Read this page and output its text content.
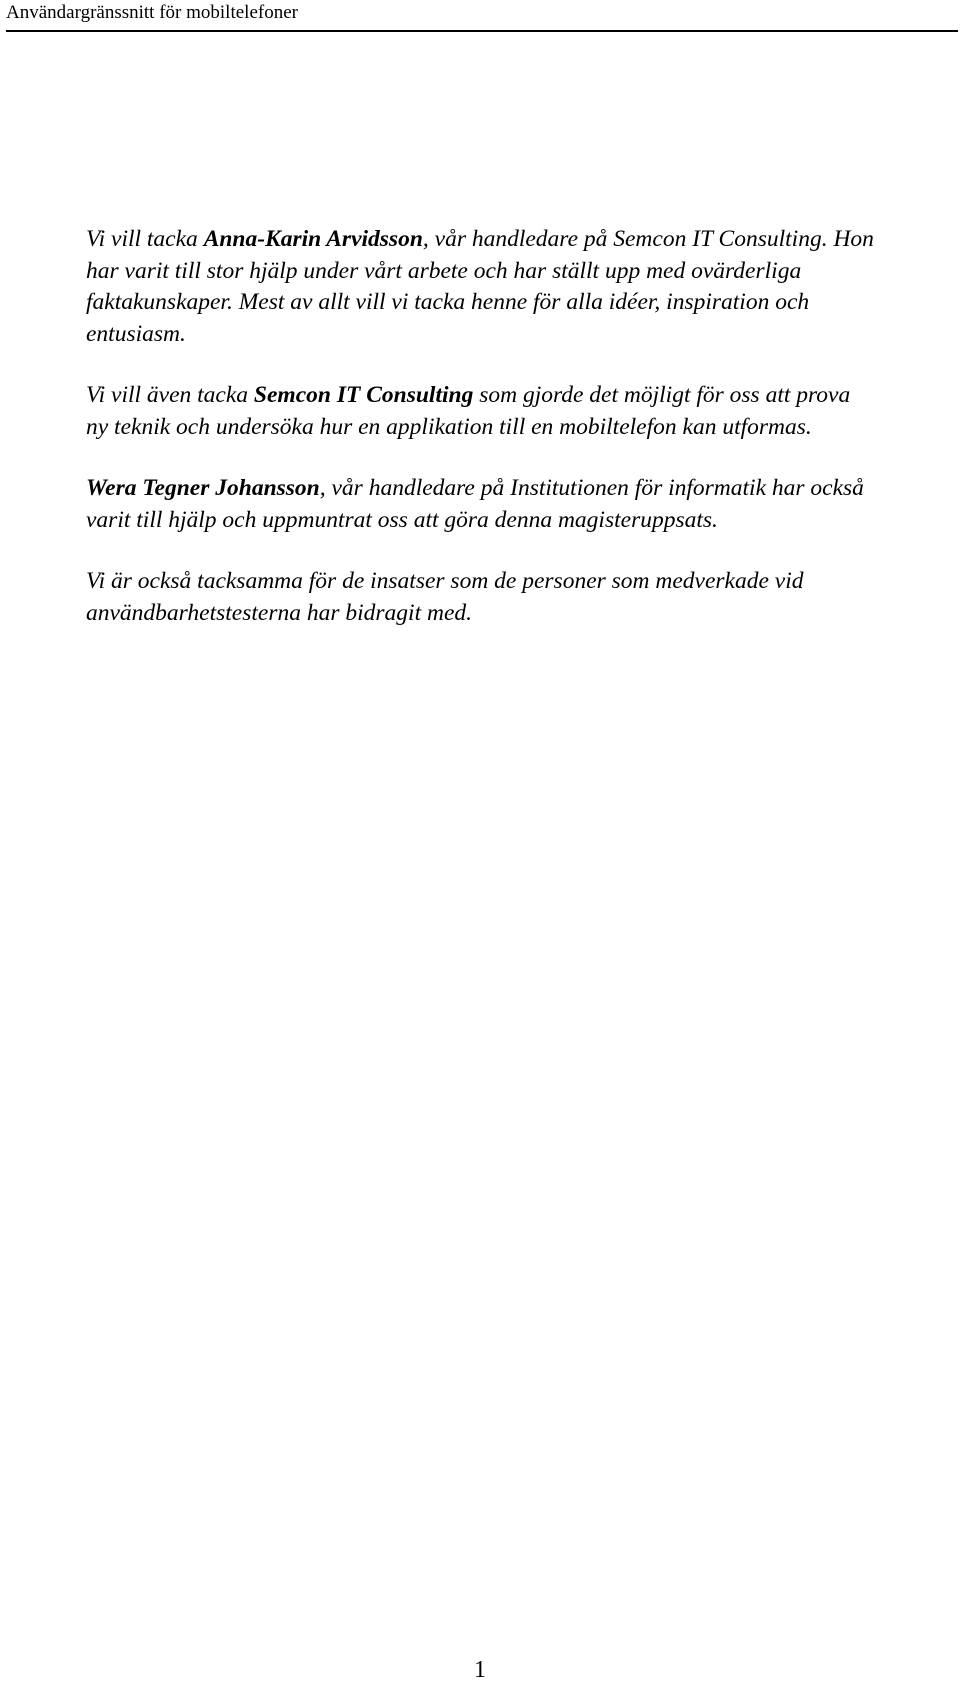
Användargränssnitt för mobiltelefoner

Vi vill tacka Anna-Karin Arvidsson, vår handledare på Semcon IT Consulting. Hon har varit till stor hjälp under vårt arbete och har ställt upp med ovärderliga faktakunskaper. Mest av allt vill vi tacka henne för alla idéer, inspiration och entusiasm.

Vi vill även tacka Semcon IT Consulting som gjorde det möjligt för oss att prova ny teknik och undersöka hur en applikation till en mobiltelefon kan utformas.

Wera Tegner Johansson, vår handledare på Institutionen för informatik har också varit till hjälp och uppmuntrat oss att göra denna magisteruppsats.

Vi är också tacksamma för de insatser som de personer som medverkade vid användbarhetstesterna har bidragit med.

1
